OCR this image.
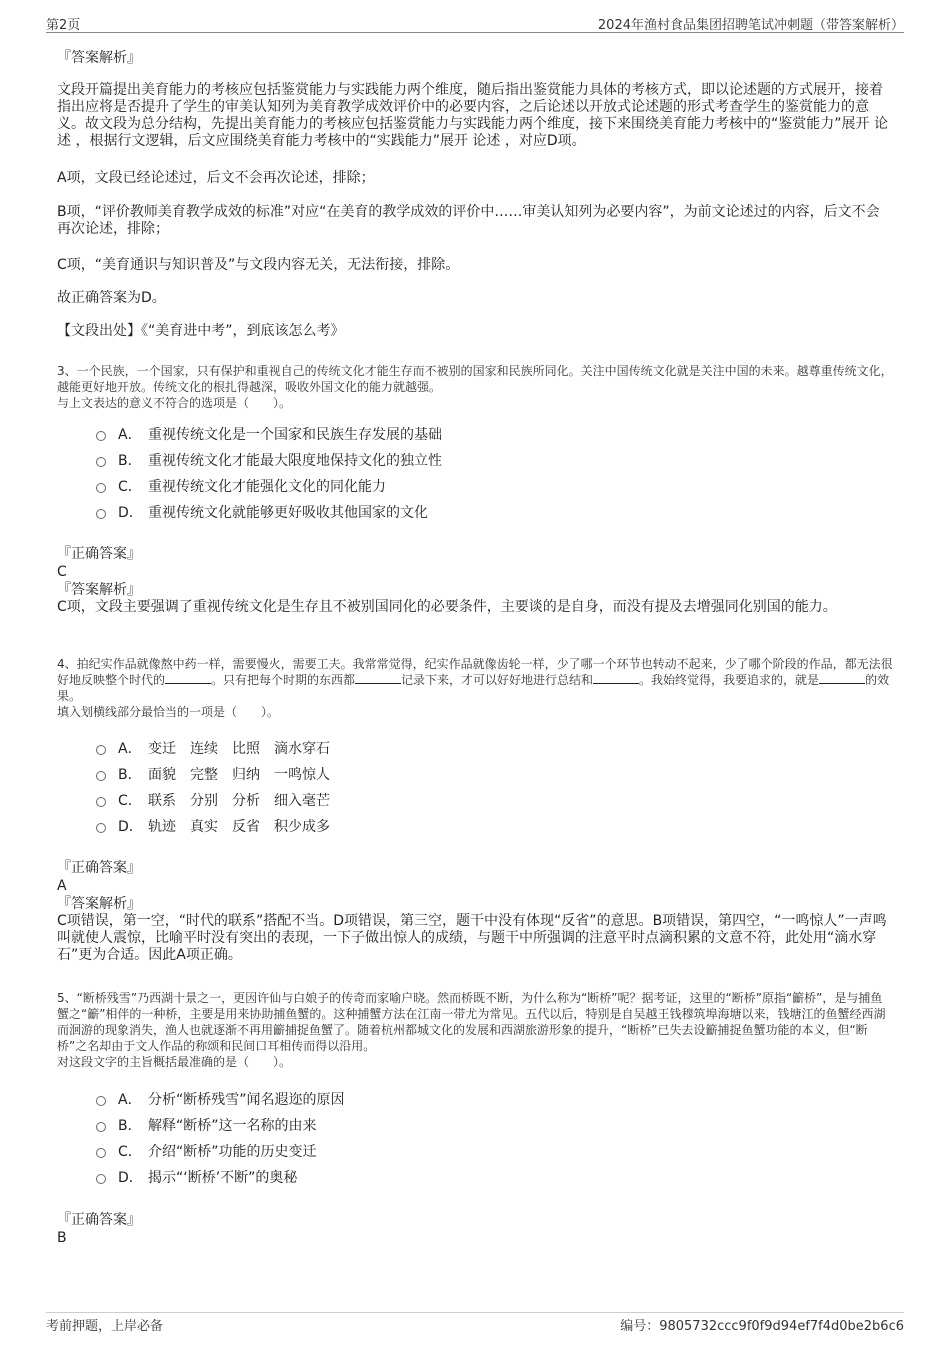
第2页	2024年渔村食品集团招聘笔试冲刺题（带答案解析）

『答案解析』

文段开篇提出美育能力的考核应包括鉴赏能力与实践能力两个维度，随后指出鉴赏能力具体的考核方式，即以论述题的方式展开，接着指出应将是否提升了学生的审美认知列为美育教学成效评价中的必要内容，之后论述以开放式论述题的形式考查学生的鉴赏能力的意义。故文段为总分结构，先提出美育能力的考核应包括鉴赏能力与实践能力两个维度，接下来围绕美育能力考核中的“鉴赏能力”展开 论述 ，根据行文逻辑，后文应围绕美育能力考核中的“实践能力”展开 论述 ，对应D项。

A项，文段已经论述过，后文不会再次论述，排除；

B项，“评价教师美育教学成效的标准”对应“在美育的教学成效的评价中……审美认知列为必要内容”，为前文论述过的内容，后文不会再次论述，排除；

C项，“美育通识与知识普及”与文段内容无关，无法衔接，排除。

故正确答案为D。

【文段出处】《“美育进中考”，到底该怎么考》

3、一个民族，一个国家，只有保护和重视自己的传统文化才能生存而不被别的国家和民族所同化。关注中国传统文化就是关注中国的未来。越尊重传统文化，越能更好地开放。传统文化的根扎得越深，吸收外国文化的能力就越强。

与上文表达的意义不符合的选项是（　　）。

A． 重视传统文化是一个国家和民族生存发展的基础
B． 重视传统文化才能最大限度地保持文化的独立性
C． 重视传统文化才能强化文化的同化能力
D． 重视传统文化就能够更好吸收其他国家的文化

『正确答案』

C

『答案解析』

C项，文段主要强调了重视传统文化是生存且不被别国同化的必要条件，主要谈的是自身，而没有提及去增强同化别国的能力。

4、拍纪实作品就像熬中药一样，需要慢火，需要工夫。我常常觉得，纪实作品就像齿轮一样，少了哪一个环节也转动不起来，少了哪个阶段的作品，都无法很好地反映整个时代的	。只有把每个时期的东西都	记录下来，才可以好好地进行总结和	。我始终觉得，我要追求的，就是	的效果。

填入划横线部分最恰当的一项是（　　）。

A． 变迁　连续　比照　滴水穿石
B． 面貌　完整　归纳　一鸣惊人
C． 联系　分别　分析　细入毫芒
D． 轨迹　真实　反省　积少成多

『正确答案』

A

『答案解析』

C项错误，第一空，“时代的联系”搭配不当。D项错误，第三空，题干中没有体现“反省”的意思。B项错误，第四空，“一鸣惊人”一声鸣叫就使人震惊，比喻平时没有突出的表现，一下子做出惊人的成绩，与题干中所强调的注意平时点滴积累的文意不符，此处用“滴水穿石”更为合适。因此A项正确。

5、“断桥残雪”乃西湖十景之一，更因许仙与白娘子的传奇而家喻户晓。然而桥既不断，为什么称为“断桥”呢？据考证，这里的“断桥”原指“籪桥”，是与捕鱼蟹之“籪”相伴的一种桥，主要是用来协助捕鱼蟹的。这种捕蟹方法在江南一带尤为常见。五代以后，特别是自吴越王钱穆筑埠海塘以来，钱塘江的鱼蟹经西湖而洄游的现象消失，渔人也就逐渐不再用籪捕捉鱼蟹了。随着杭州都城文化的发展和西湖旅游形象的提升，“断桥”已失去设籪捕捉鱼蟹功能的本义，但“断桥”之名却由于文人作品的称颂和民间口耳相传而得以沿用。

对这段文字的主旨概括最准确的是（　　）。

A． 分析“断桥残雪”闻名遐迩的原因
B． 解释“断桥”这一名称的由来
C． 介绍“断桥”功能的历史变迁
D． 揭示“‘断桥’不断”的奥秘

『正确答案』

B

考前押题，上岸必备	编号：9805732ccc9f0f9d94ef7f4d0be2b6c6
